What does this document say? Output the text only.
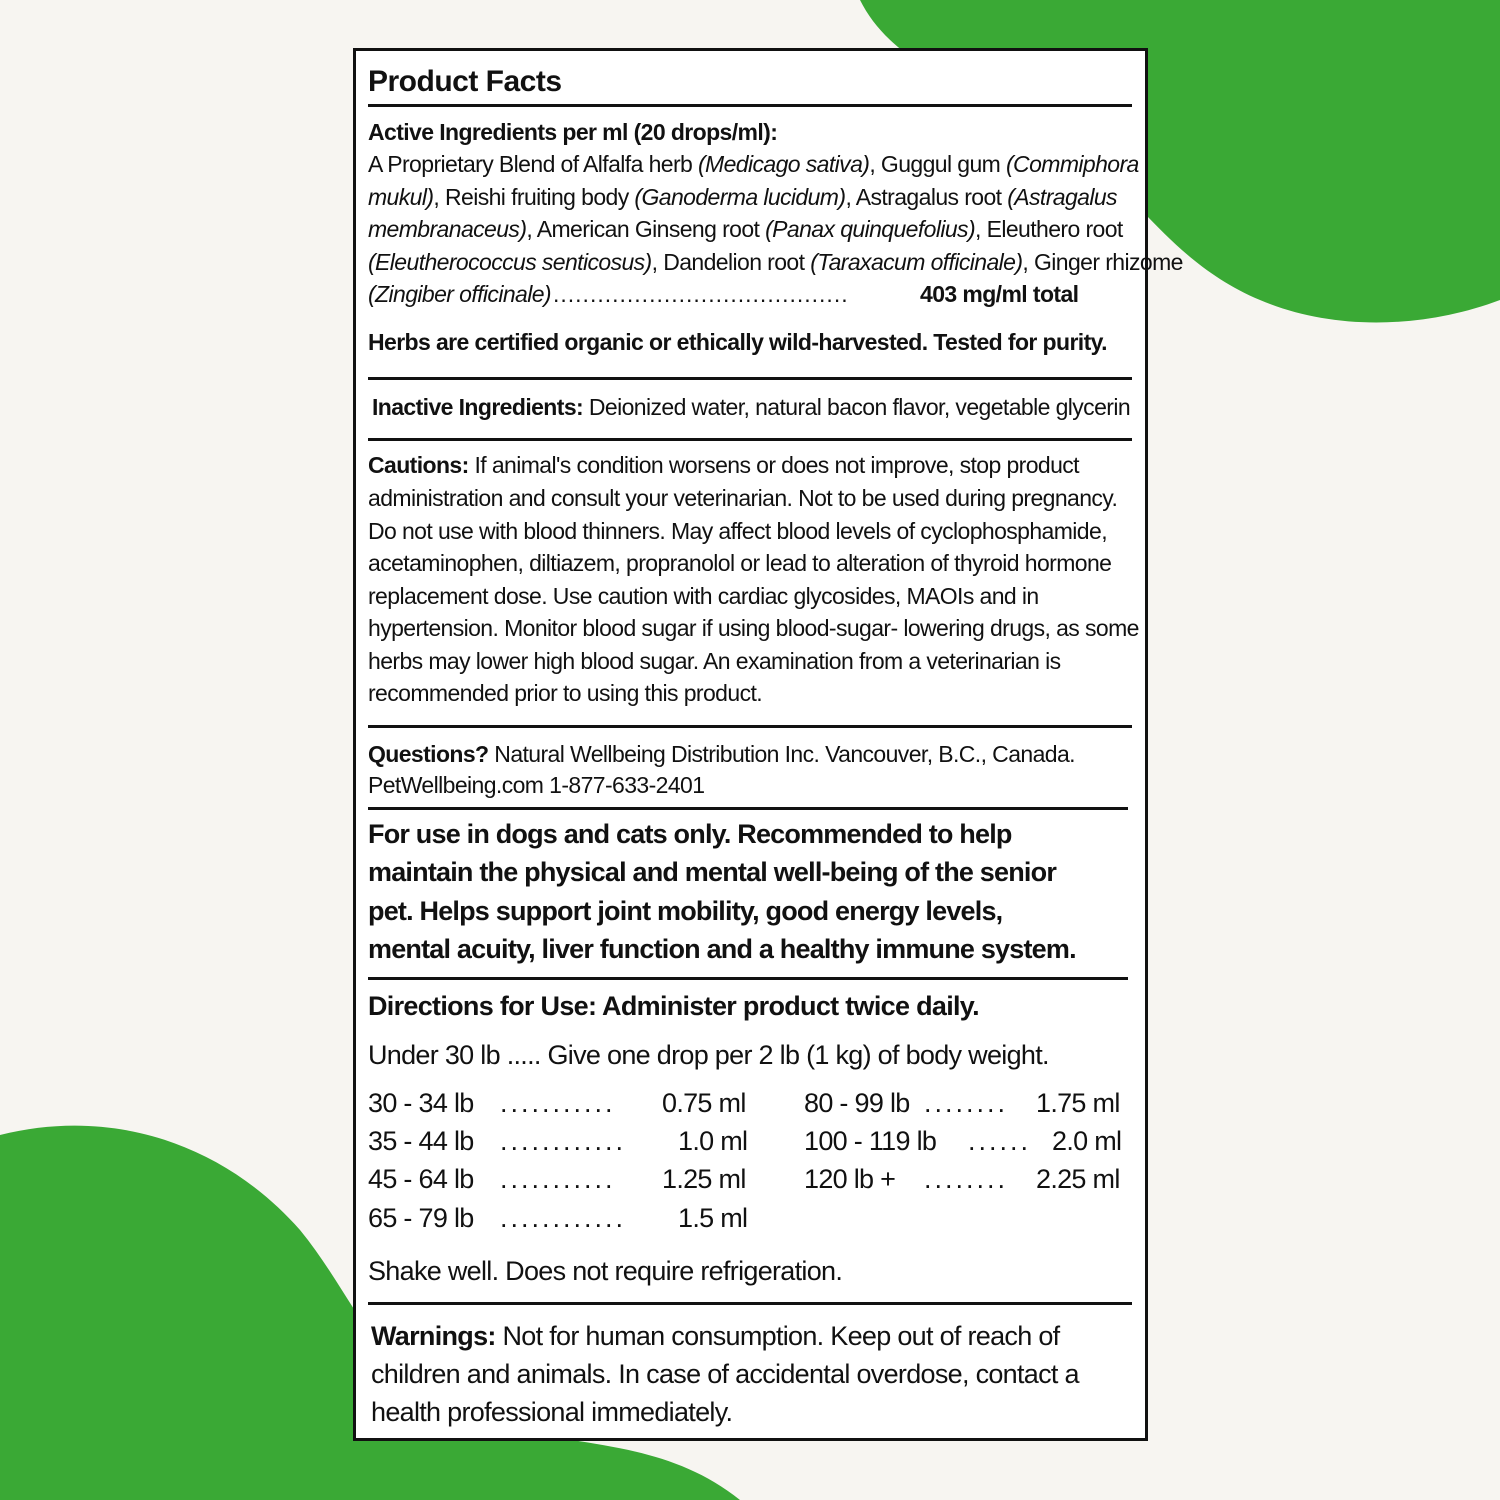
Product Facts
Active Ingredients per ml (20 drops/ml):
A Proprietary Blend of Alfalfa herb (Medicago sativa), Guggul gum (Commiphora
mukul), Reishi fruiting body (Ganoderma lucidum), Astragalus root (Astragalus
membranaceus), American Ginseng root (Panax quinquefolius), Eleuthero root
(Eleutherococcus senticosus), Dandelion root (Taraxacum officinale), Ginger rhizome
(Zingiber officinale) ........................................	403 mg/ml total
Herbs are certified organic or ethically wild-harvested. Tested for purity.
Inactive Ingredients: Deionized water, natural bacon flavor, vegetable glycerin
Cautions: If animal's condition worsens or does not improve, stop product
administration and consult your veterinarian. Not to be used during pregnancy.
Do not use with blood thinners. May affect blood levels of cyclophosphamide,
acetaminophen, diltiazem, propranolol or lead to alteration of thyroid hormone
replacement dose. Use caution with cardiac glycosides, MAOIs and in
hypertension. Monitor blood sugar if using blood-sugar- lowering drugs, as some
herbs may lower high blood sugar. An examination from a veterinarian is
recommended prior to using this product.
Questions? Natural Wellbeing Distribution Inc. Vancouver, B.C., Canada.
PetWellbeing.com 1-877-633-2401
For use in dogs and cats only. Recommended to help
maintain the physical and mental well-being of the senior
pet. Helps support joint mobility, good energy levels,
mental acuity, liver function and a healthy immune system.
Directions for Use: Administer product twice daily.
Under 30 lb ..... Give one drop per 2 lb (1 kg) of body weight.
30 - 34 lb ........... 0.75 ml
35 - 44 lb ............ 1.0 ml
45 - 64 lb ........... 1.25 ml
65 - 79 lb ............ 1.5 ml
80 - 99 lb ........ 1.75 ml
100 - 119 lb ...... 2.0 ml
120 lb + ........ 2.25 ml
Shake well. Does not require refrigeration.
Warnings: Not for human consumption. Keep out of reach of
children and animals. In case of accidental overdose, contact a
health professional immediately.
